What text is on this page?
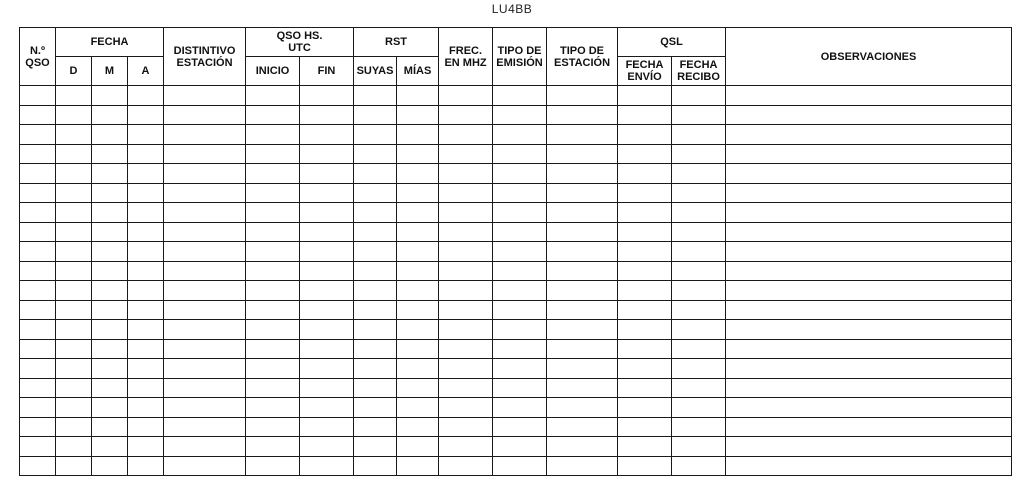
LU4BB
N.º QSO	FECHA			DISTINTIVO ESTACIÓN	QSO HS. UTC		RST		FREC. EN MHZ	TIPO DE EMISIÓN	TIPO DE ESTACIÓN	QSL		OBSERVACIONES
	D	M	A		INICIO	FIN	SUYAS	MÍAS				FECHA ENVÍO	FECHA RECIBO	
